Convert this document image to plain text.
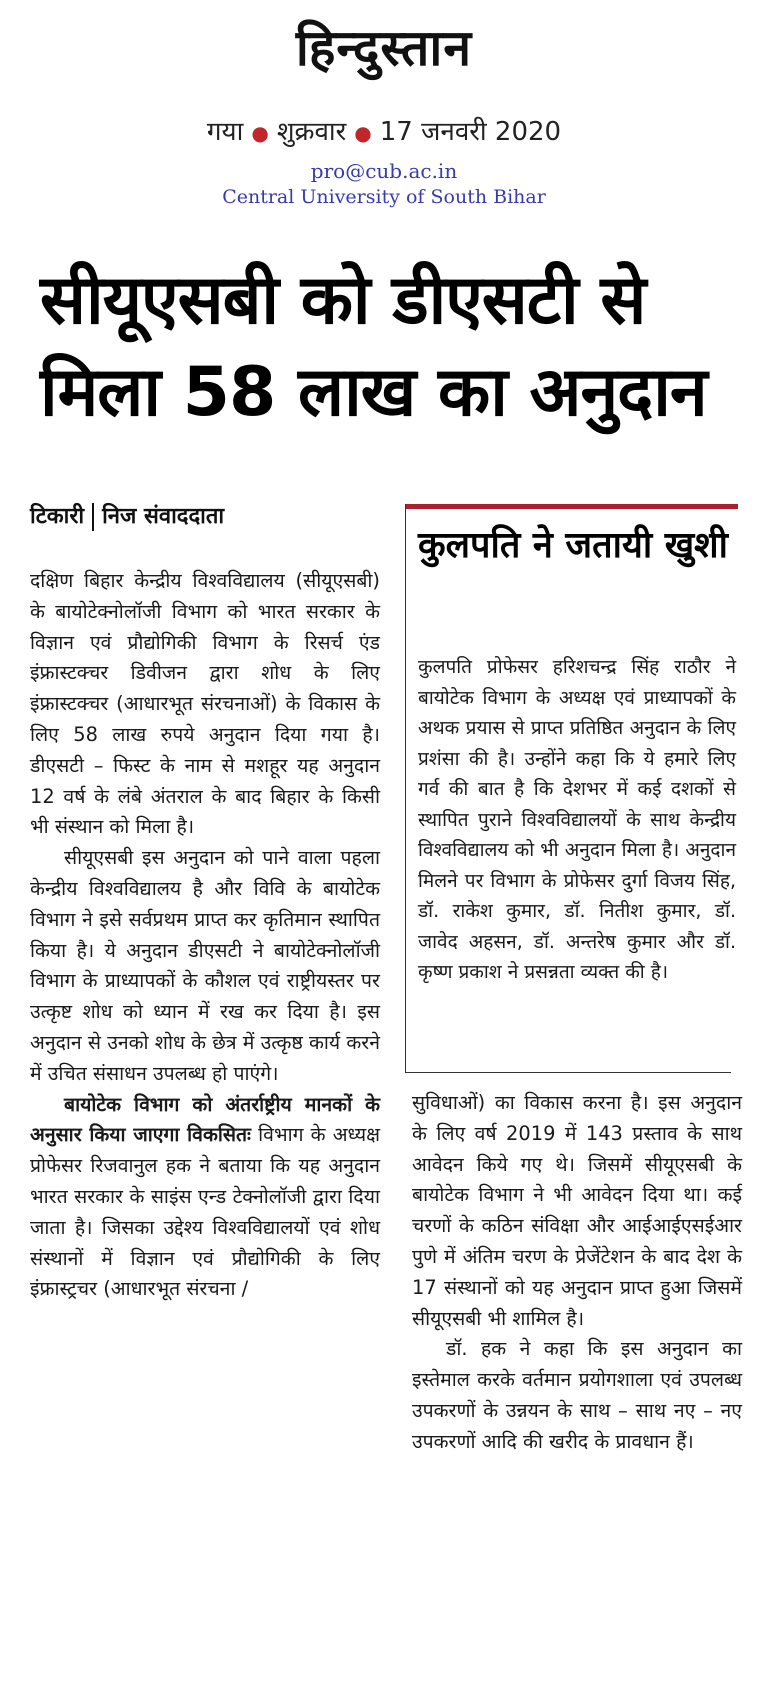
हिन्दुस्तान
गया ● शुक्रवार ● 17 जनवरी 2020
pro@cub.ac.in
Central University of South Bihar
सीयूएसबी को डीएसटी से
मिला 58 लाख का अनुदान
टिकारी निज संवाददाता

दक्षिण बिहार केन्द्रीय विश्वविद्यालय (सीयूएसबी) के बायोटेक्नोलॉजी विभाग को भारत सरकार के विज्ञान एवं प्रौद्योगिकी विभाग के रिसर्च एंड इंफ्रास्टक्चर डिवीजन द्वारा शोध के लिए इंफ्रास्टक्चर (आधारभूत संरचनाओं) के विकास के लिए 58 लाख रुपये अनुदान दिया गया है। डीएसटी – फिस्ट के नाम से मशहूर यह अनुदान 12 वर्ष के लंबे अंतराल के बाद बिहार के किसी भी संस्थान को मिला है।

सीयूएसबी इस अनुदान को पाने वाला पहला केन्द्रीय विश्वविद्यालय है और विवि के बायोटेक विभाग ने इसे सर्वप्रथम प्राप्त कर कृतिमान स्थापित किया है। ये अनुदान डीएसटी ने बायोटेक्नोलॉजी विभाग के प्राध्यापकों के कौशल एवं राष्ट्रीयस्तर पर उत्कृष्ट शोध को ध्यान में रख कर दिया है। इस अनुदान से उनको शोध के छेत्र में उत्कृष्ठ कार्य करने में उचित संसाधन उपलब्ध हो पाएंगे।

बायोटेक विभाग को अंतर्राष्ट्रीय मानकों के अनुसार किया जाएगा विकसितः विभाग के अध्यक्ष प्रोफेसर रिजवानुल हक ने बताया कि यह अनुदान भारत सरकार के साइंस एन्ड टेक्नोलॉजी द्वारा दिया जाता है। जिसका उद्देश्य विश्वविद्यालयों एवं शोध संस्थानों में विज्ञान एवं प्रौद्योगिकी के लिए इंफ्रास्ट्रचर (आधारभूत संरचना /

कुलपति ने जतायी खुशी

कुलपति प्रोफेसर हरिशचन्द्र सिंह राठौर ने बायोटेक विभाग के अध्यक्ष एवं प्राध्यापकों के अथक प्रयास से प्राप्त प्रतिष्ठित अनुदान के लिए प्रशंसा की है। उन्होंने कहा कि ये हमारे लिए गर्व की बात है कि देशभर में कई दशकों से स्थापित पुराने विश्वविद्यालयों के साथ केन्द्रीय विश्वविद्यालय को भी अनुदान मिला है। अनुदान मिलने पर विभाग के प्रोफेसर दुर्गा विजय सिंह, डॉ. राकेश कुमार, डॉ. नितीश कुमार, डॉ. जावेद अहसन, डॉ. अन्तरेष कुमार और डॉ. कृष्ण प्रकाश ने प्रसन्नता व्यक्त की है।

सुविधाओं) का विकास करना है। इस अनुदान के लिए वर्ष 2019 में 143 प्रस्ताव के साथ आवेदन किये गए थे। जिसमें सीयूएसबी के बायोटेक विभाग ने भी आवेदन दिया था। कई चरणों के कठिन संविक्षा और आईआईएसईआर पुणे में अंतिम चरण के प्रेजेंटेशन के बाद देश के 17 संस्थानों को यह अनुदान प्राप्त हुआ जिसमें सीयूएसबी भी शामिल है।

डॉ. हक ने कहा कि इस अनुदान का इस्तेमाल करके वर्तमान प्रयोगशाला एवं उपलब्ध उपकरणों के उन्नयन के साथ – साथ नए – नए उपकरणों आदि की खरीद के प्रावधान हैं।
